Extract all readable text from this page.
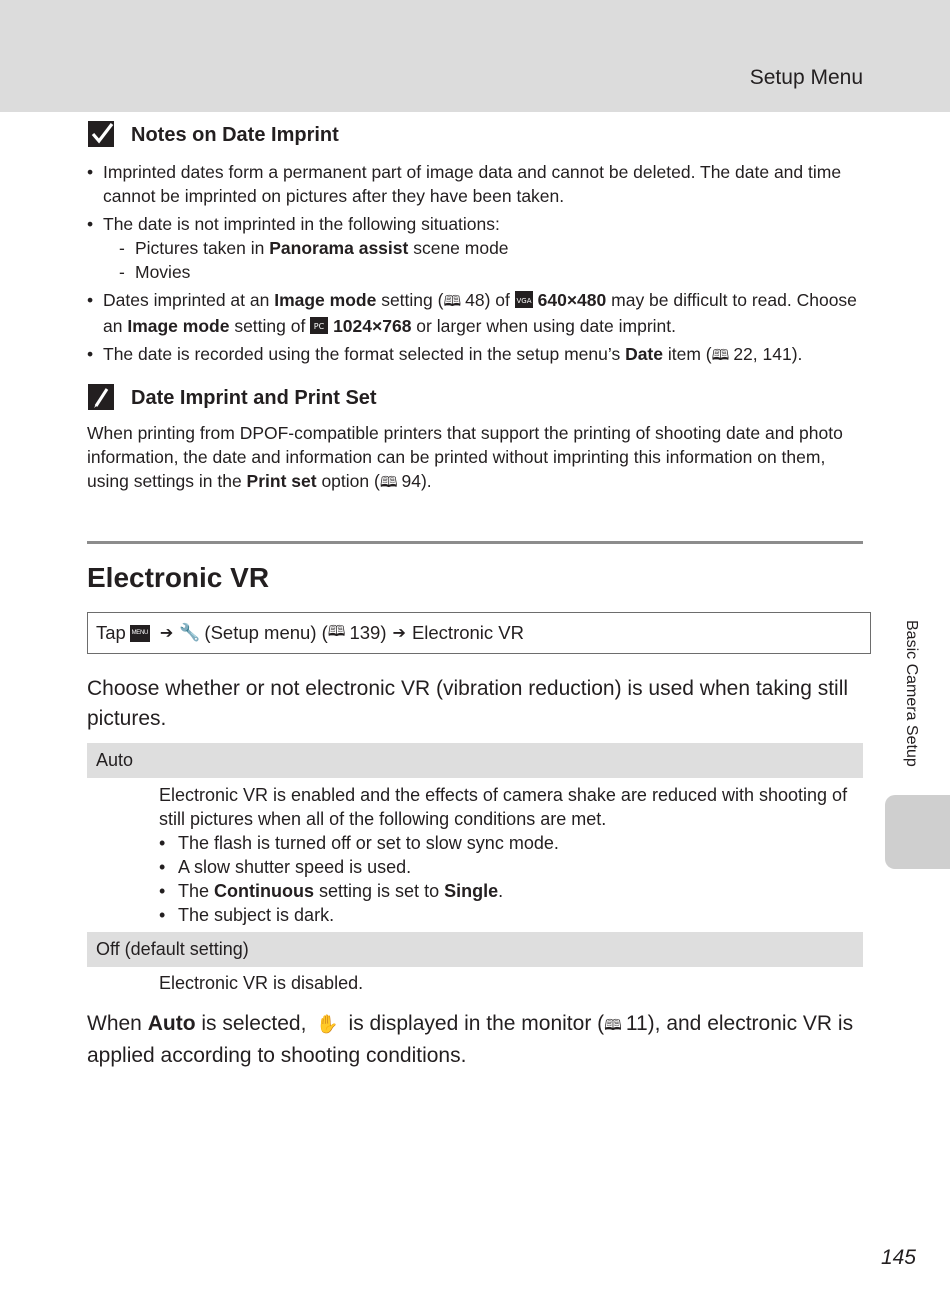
Setup Menu
Notes on Date Imprint
• Imprinted dates form a permanent part of image data and cannot be deleted. The date and time cannot be imprinted on pictures after they have been taken.
• The date is not imprinted in the following situations:
- Pictures taken in Panorama assist scene mode
- Movies
• Dates imprinted at an Image mode setting (🕮 48) of VGA 640×480 may be difficult to read. Choose an Image mode setting of PC 1024×768 or larger when using date imprint.
• The date is recorded using the format selected in the setup menu’s Date item (🕮 22, 141).
Date Imprint and Print Set

When printing from DPOF-compatible printers that support the printing of shooting date and photo information, the date and information can be printed without imprinting this information on them, using settings in the Print set option (🕮 94).

Electronic VR
Tap MENU ➔ 🔧 (Setup menu) ( 🕮 139 ) ➔ Electronic VR

Choose whether or not electronic VR (vibration reduction) is used when taking still pictures.

Auto
Electronic VR is enabled and the effects of camera shake are reduced with shooting of still pictures when all of the following conditions are met.
• The flash is turned off or set to slow sync mode.
• A slow shutter speed is used.
• The Continuous setting is set to Single.
• The subject is dark.
Off (default setting)

Electronic VR is disabled.

When Auto is selected, ✋ is displayed in the monitor (🕮 11), and electronic VR is applied according to shooting conditions.

Basic Camera Setup
145
